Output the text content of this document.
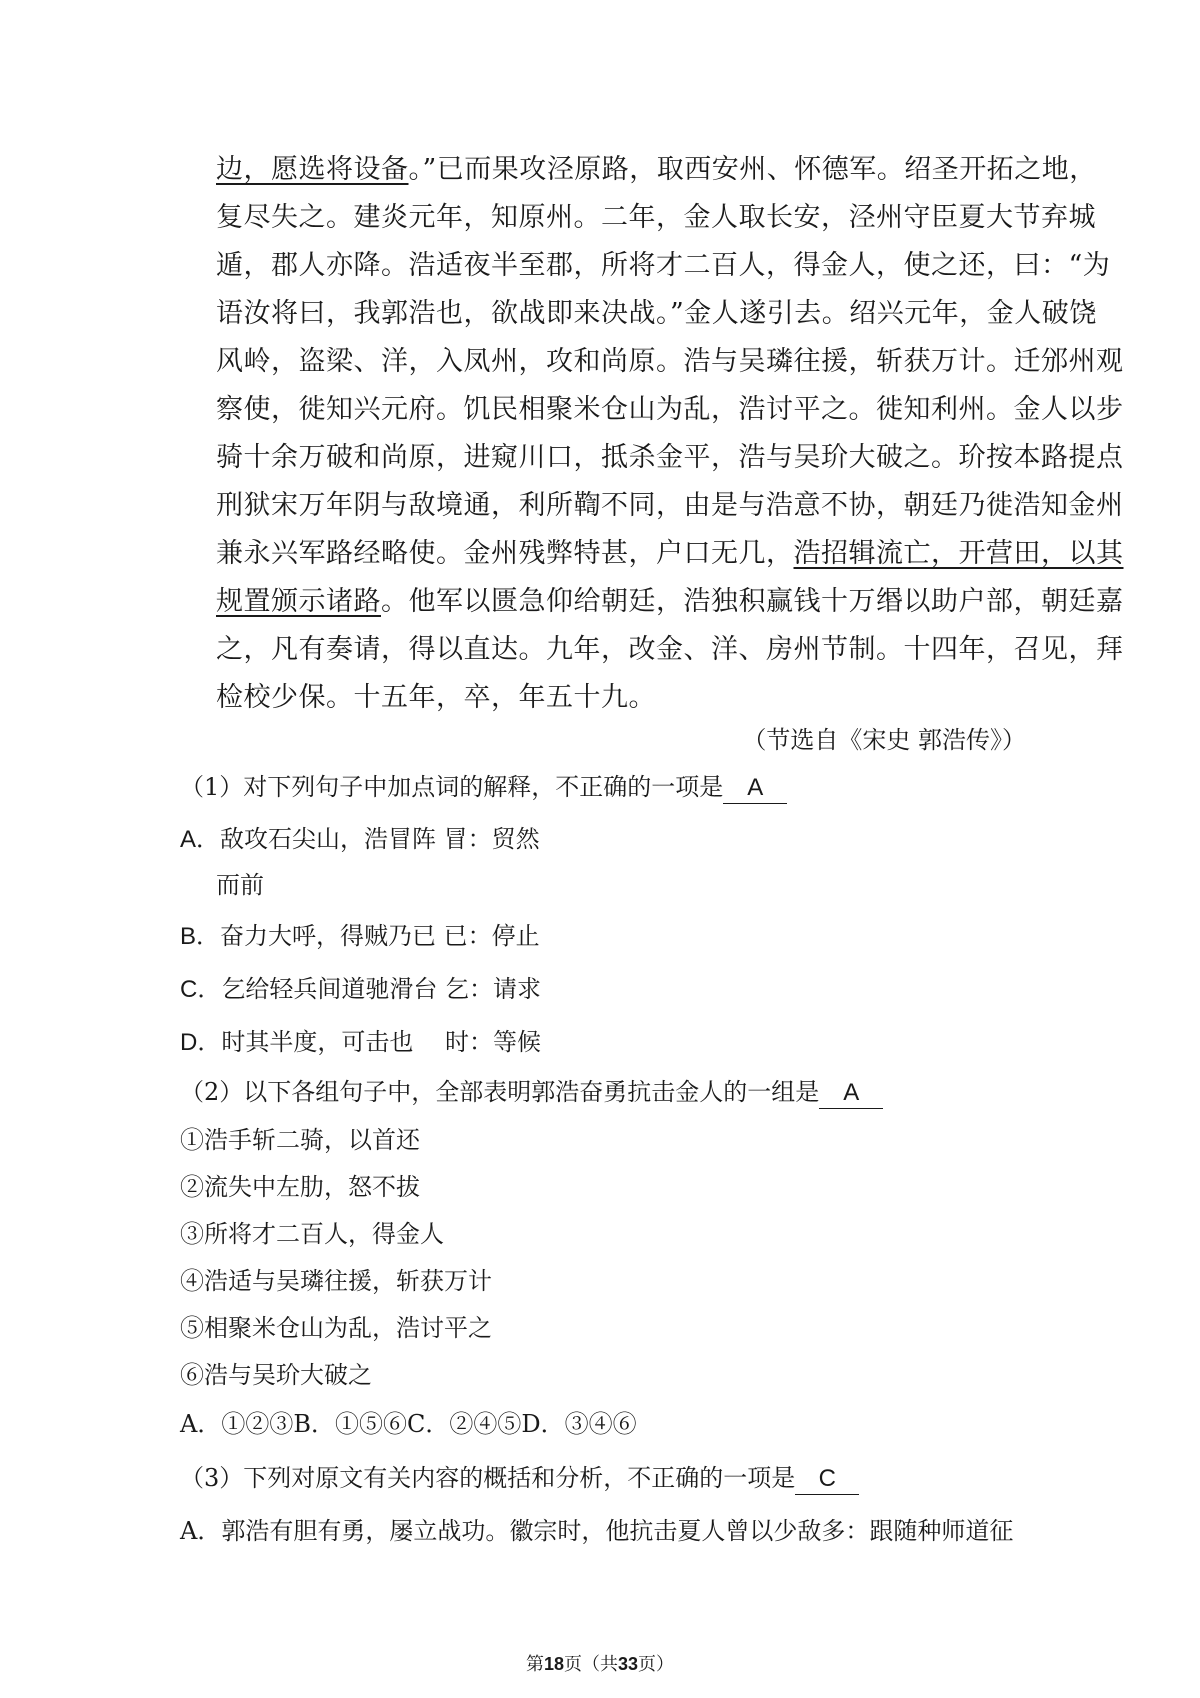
边，愿选将设备。”已而果攻泾原路，取西安州、怀德军。绍圣开拓之地，
复尽失之。建炎元年，知原州。二年，金人取长安，泾州守臣夏大节弃城
遁，郡人亦降。浩适夜半至郡，所将才二百人，得金人，使之还，曰：“为
语汝将曰，我郭浩也，欲战即来决战。”金人遂引去。绍兴元年，金人破饶
风岭，盗梁、洋，入凤州，攻和尚原。浩与吴璘往援，斩获万计。迁邠州观
察使，徙知兴元府。饥民相聚米仓山为乱，浩讨平之。徙知利州。金人以步
骑十余万破和尚原，进窥川口，抵杀金平，浩与吴玠大破之。玠按本路提点
刑狱宋万年阴与敌境通，利所鞫不同，由是与浩意不协，朝廷乃徙浩知金州
兼永兴军路经略使。金州残弊特甚，户口无几，浩招辑流亡，开营田，以其
规置颁示诸路。他军以匮急仰给朝廷，浩独积赢钱十万缗以助户部，朝廷嘉
之，凡有奏请，得以直达。九年，改金、洋、房州节制。十四年，召见，拜
检校少保。十五年，卒，年五十九。
（节选自《宋史 郭浩传》）
（1）对下列句子中加点词的解释，不正确的一项是 A
A．敌攻石尖山，浩冒阵 冒：贸然
而前
B．奋力大呼，得贼乃已 已：停止
C．乞给轻兵间道驰滑台 乞：请求
D．时其半度，可击也　 时：等候
（2）以下各组句子中，全部表明郭浩奋勇抗击金人的一组是 A
①浩手斩二骑，以首还
②流失中左肋，怒不拔
③所将才二百人，得金人
④浩适与吴璘往援，斩获万计
⑤相聚米仓山为乱，浩讨平之
⑥浩与吴玠大破之
A．①②③B．①⑤⑥C．②④⑤D．③④⑥
（3）下列对原文有关内容的概括和分析，不正确的一项是 C
A．郭浩有胆有勇，屡立战功。徽宗时，他抗击夏人曾以少敌多：跟随种师道征
第18页（共33页）
